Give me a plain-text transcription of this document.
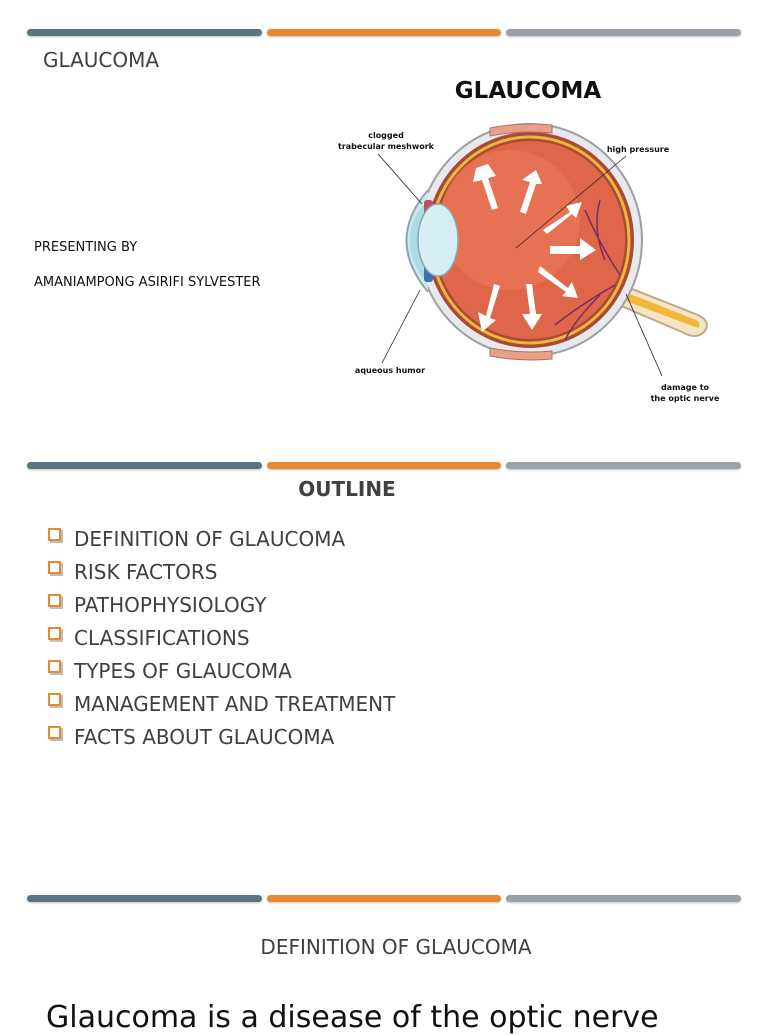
GLAUCOMA
PRESENTING BY
AMANIAMPONG ASIRIFI SYLVESTER
GLAUCOMA
clogged
trabecular meshwork	high pressure
aqueous humor
damage to
the optic nerve
OUTLINE
DEFINITION OF GLAUCOMA
RISK FACTORS
PATHOPHYSIOLOGY
CLASSIFICATIONS
TYPES OF GLAUCOMA
MANAGEMENT AND TREATMENT
FACTS ABOUT GLAUCOMA
DEFINITION OF GLAUCOMA
Glaucoma is a disease of the optic nerve
